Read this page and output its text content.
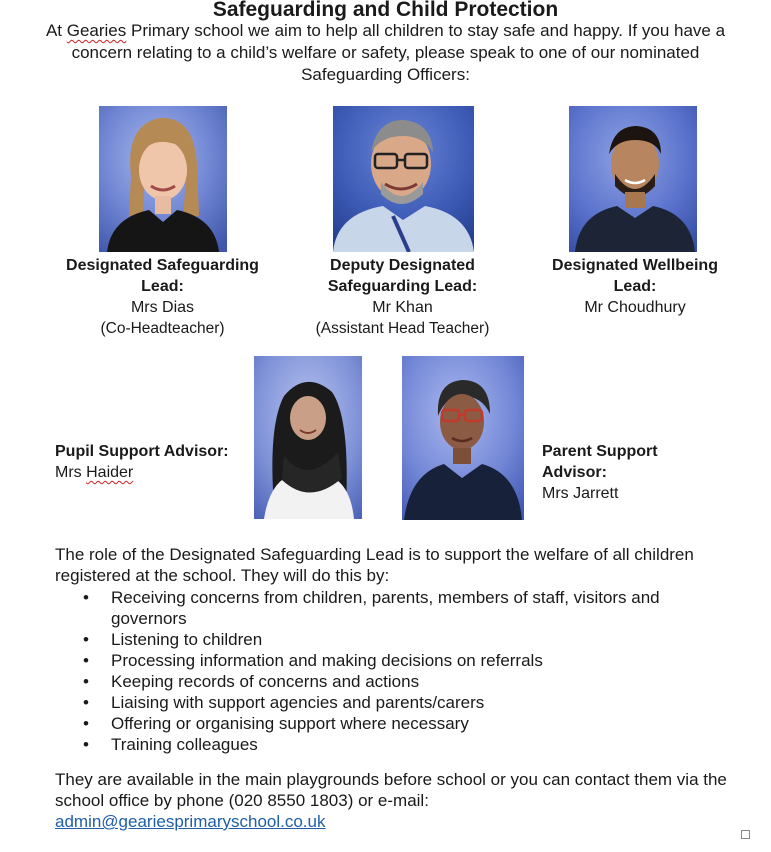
Safeguarding and Child Protection
At Gearies Primary school we aim to help all children to stay safe and happy. If you have a concern relating to a child’s welfare or safety, please speak to one of our nominated Safeguarding Officers:
Designated Safeguarding Lead:
Mrs Dias
(Co-Headteacher)
Deputy Designated Safeguarding Lead:
Mr Khan
(Assistant Head Teacher)
Designated Wellbeing Lead:
Mr Choudhury
Pupil Support Advisor:
Mrs Haider
Parent Support Advisor:
Mrs Jarrett
The role of the Designated Safeguarding Lead is to support the welfare of all children registered at the school. They will do this by:
• Receiving concerns from children, parents, members of staff, visitors and governors
• Listening to children
• Processing information and making decisions on referrals
• Keeping records of concerns and actions
• Liaising with support agencies and parents/carers
• Offering or organising support where necessary
• Training colleagues
They are available in the main playgrounds before school or you can contact them via the school office by phone (020 8550 1803) or e-mail:
admin@geariesprimaryschool.co.uk
